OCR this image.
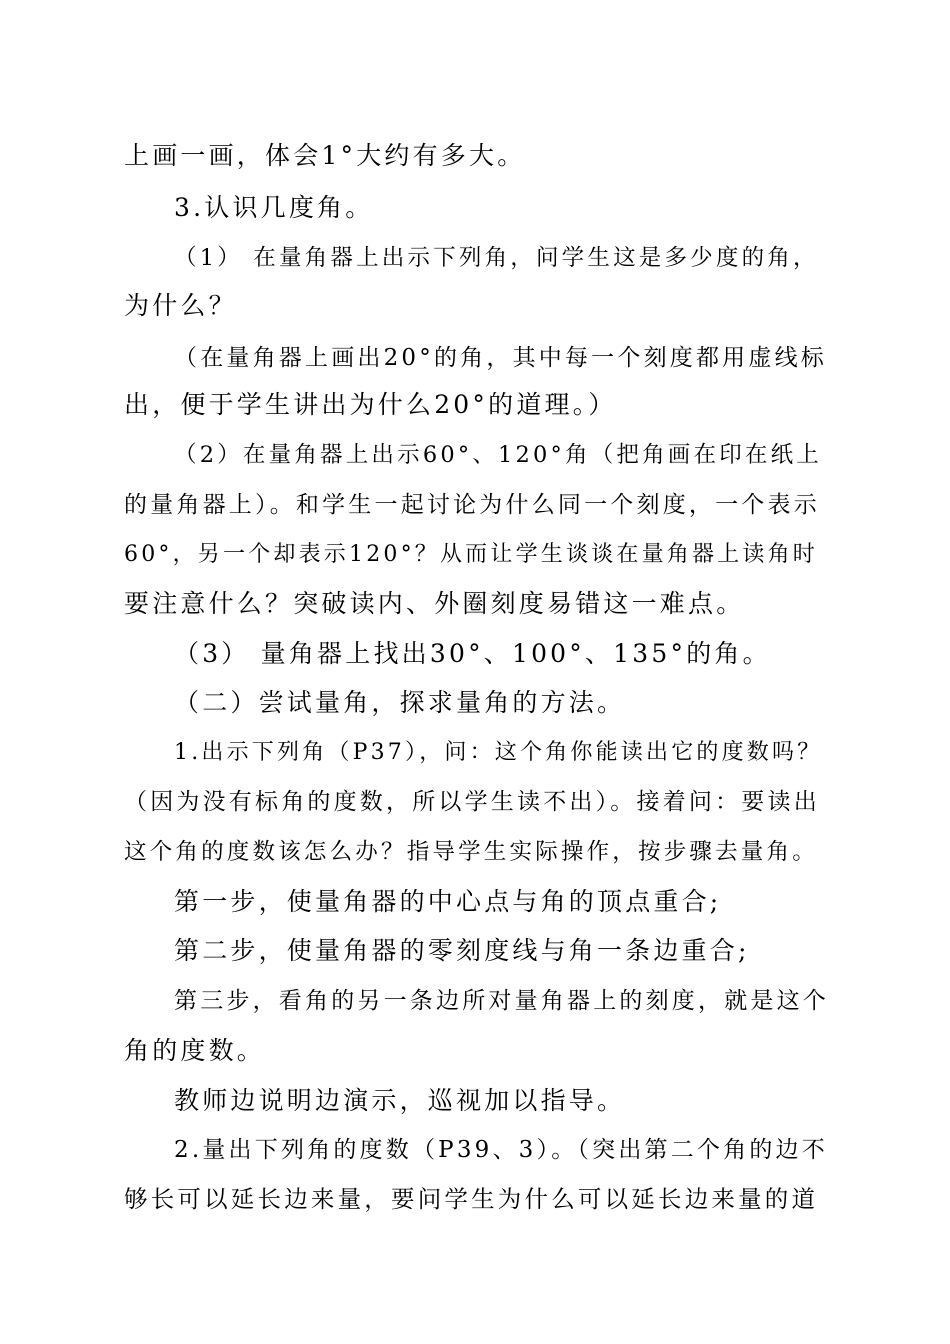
上画一画，体会1°大约有多大。
3.认识几度角。
（1） 在量角器上出示下列角，问学生这是多少度的角，
为什么？
（在量角器上画出20°的角，其中每一个刻度都用虚线标
出，便于学生讲出为什么20°的道理。）
（2）在量角器上出示60°、120°角（把角画在印在纸上
的量角器上）。和学生一起讨论为什么同一个刻度，一个表示
60°，另一个却表示120°？从而让学生谈谈在量角器上读角时
要注意什么？突破读内、外圈刻度易错这一难点。
（3） 量角器上找出30°、100°、135°的角。
（二）尝试量角，探求量角的方法。
1.出示下列角（P37），问：这个角你能读出它的度数吗？
（因为没有标角的度数，所以学生读不出）。接着问：要读出
这个角的度数该怎么办？指导学生实际操作，按步骤去量角。
第一步，使量角器的中心点与角的顶点重合;
第二步，使量角器的零刻度线与角一条边重合;
第三步，看角的另一条边所对量角器上的刻度，就是这个
角的度数。
教师边说明边演示，巡视加以指导。
2.量出下列角的度数（P39、3）。（突出第二个角的边不
够长可以延长边来量，要问学生为什么可以延长边来量的道
